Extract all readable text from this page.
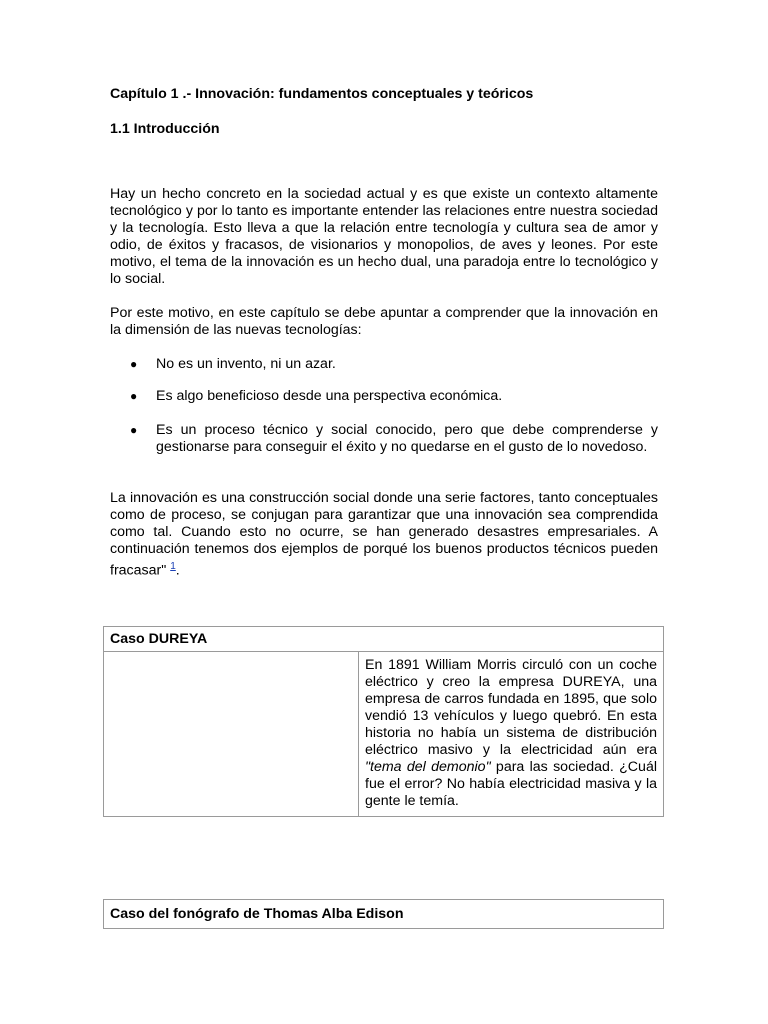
Capítulo 1 .- Innovación: fundamentos conceptuales y teóricos
1.1 Introducción
Hay un hecho concreto en la sociedad actual y es que existe un contexto altamente tecnológico y por lo tanto es importante entender las relaciones entre nuestra sociedad y la tecnología. Esto lleva a que la relación entre tecnología y cultura sea de amor y odio, de éxitos y fracasos, de visionarios y monopolios, de aves y leones. Por este motivo, el tema de la innovación es un hecho dual, una paradoja entre lo tecnológico y lo social.
Por este motivo, en este capítulo se debe apuntar a comprender que la innovación en la dimensión de las nuevas tecnologías:
● No es un invento, ni un azar.
● Es algo beneficioso desde una perspectiva económica.
● Es un proceso técnico y social conocido, pero que debe comprenderse y gestionarse para conseguir el éxito y no quedarse en el gusto de lo novedoso.
La innovación es una construcción social donde una serie factores, tanto conceptuales como de proceso, se conjugan para garantizar que una innovación sea comprendida como tal. Cuando esto no ocurre, se han generado desastres empresariales. A continuación tenemos dos ejemplos de porqué los buenos productos técnicos pueden fracasar" $^1$.
Caso DUREYA
En 1891 William Morris circuló con un coche eléctrico y creo la empresa DUREYA, una empresa de carros fundada en 1895, que solo vendió 13 vehículos y luego quebró. En esta historia no había un sistema de distribución eléctrico masivo y la electricidad aún era "tema del demonio" para las sociedad. ¿Cuál fue el error? No había electricidad masiva y la gente le temía.
Caso del fonógrafo de Thomas Alba Edison
